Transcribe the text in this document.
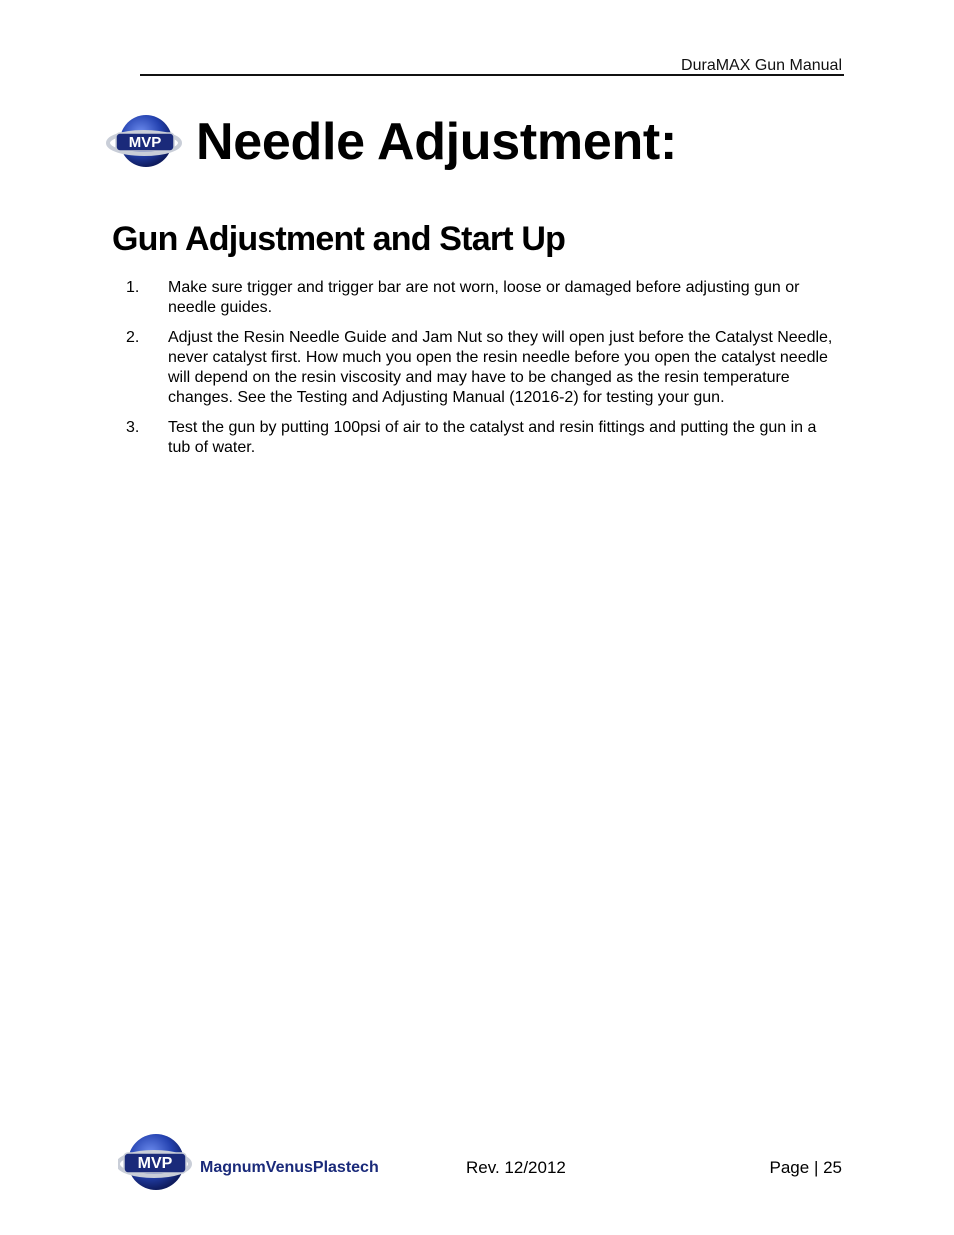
DuraMAX Gun Manual
MVP Needle Adjustment:
Gun Adjustment and Start Up
1. Make sure trigger and trigger bar are not worn, loose or damaged before adjusting gun or needle guides.
2. Adjust the Resin Needle Guide and Jam Nut so they will open just before the Catalyst Needle, never catalyst first. How much you open the resin needle before you open the catalyst needle will depend on the resin viscosity and may have to be changed as the resin temperature changes. See the Testing and Adjusting Manual (12016-2) for testing your gun.
3. Test the gun by putting 100psi of air to the catalyst and resin fittings and putting the gun in a tub of water.
MVP MagnumVenusPlastech	Rev. 12/2012	Page | 25
